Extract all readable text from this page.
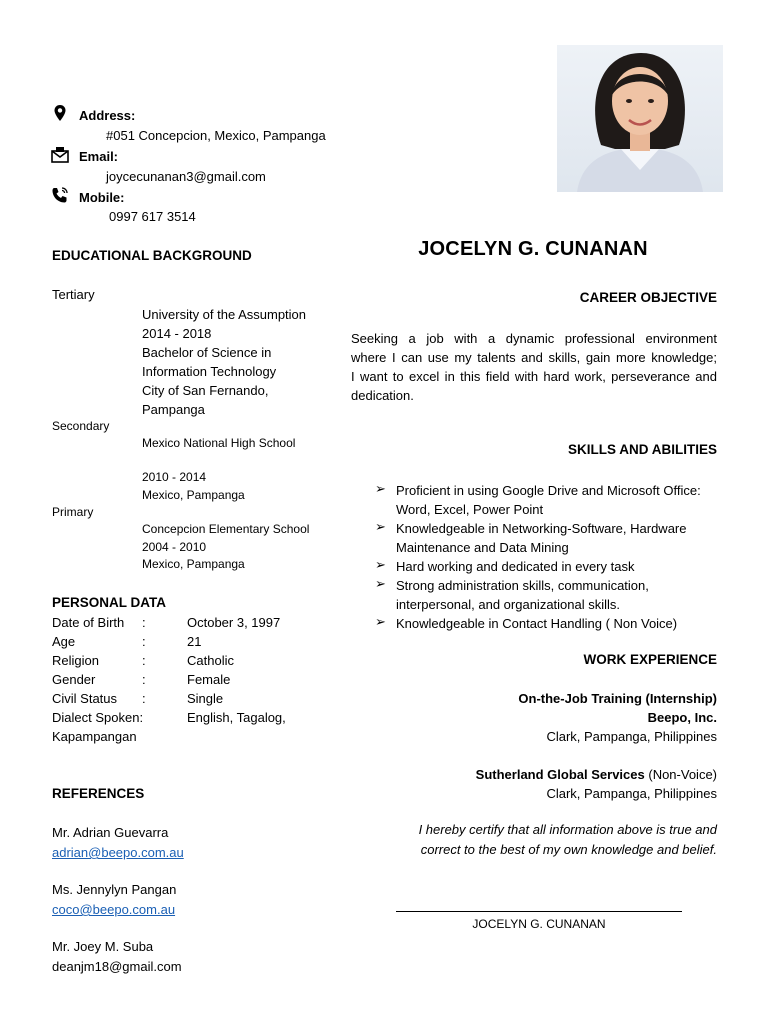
Address:
#051 Concepcion, Mexico, Pampanga
Email:
joycecunanan3@gmail.com
Mobile:
0997 617 3514
JOCELYN G. CUNANAN
EDUCATIONAL BACKGROUND
Tertiary
University of the Assumption
2014 - 2018
Bachelor of Science in
Information Technology
City of San Fernando,
Pampanga
Secondary
Mexico National High School
2010 - 2014
Mexico, Pampanga
Primary
Concepcion Elementary School
2004 - 2010
Mexico, Pampanga
PERSONAL DATA
Date of Birth :	October 3, 1997
Age	:	21
Religion	:	Catholic
Gender	:	Female
Civil Status :	Single
Dialect Spoken:	English, Tagalog,
Kapampangan
REFERENCES
Mr. Adrian Guevarra
adrian@beepo.com.au
Ms. Jennylyn Pangan
coco@beepo.com.au
Mr. Joey M. Suba
deanjm18@gmail.com
CAREER OBJECTIVE
Seeking a job with a dynamic professional environment
where I can use my talents and skills, gain more knowledge;
I want to excel in this field with hard work, perseverance and
dedication.
SKILLS AND ABILITIES
➢ Proficient in using Google Drive and Microsoft Office: Word, Excel, Power Point
➢ Knowledgeable in Networking-Software, Hardware Maintenance and Data Mining
➢ Hard working and dedicated in every task
➢ Strong administration skills, communication, interpersonal, and organizational skills.
➢ Knowledgeable in Contact Handling ( Non Voice)
WORK EXPERIENCE
On-the-Job Training (Internship)
Beepo, Inc.
Clark, Pampanga, Philippines
Sutherland Global Services (Non-Voice)
Clark, Pampanga, Philippines
I hereby certify that all information above is true and
correct to the best of my own knowledge and belief.
JOCELYN G. CUNANAN
